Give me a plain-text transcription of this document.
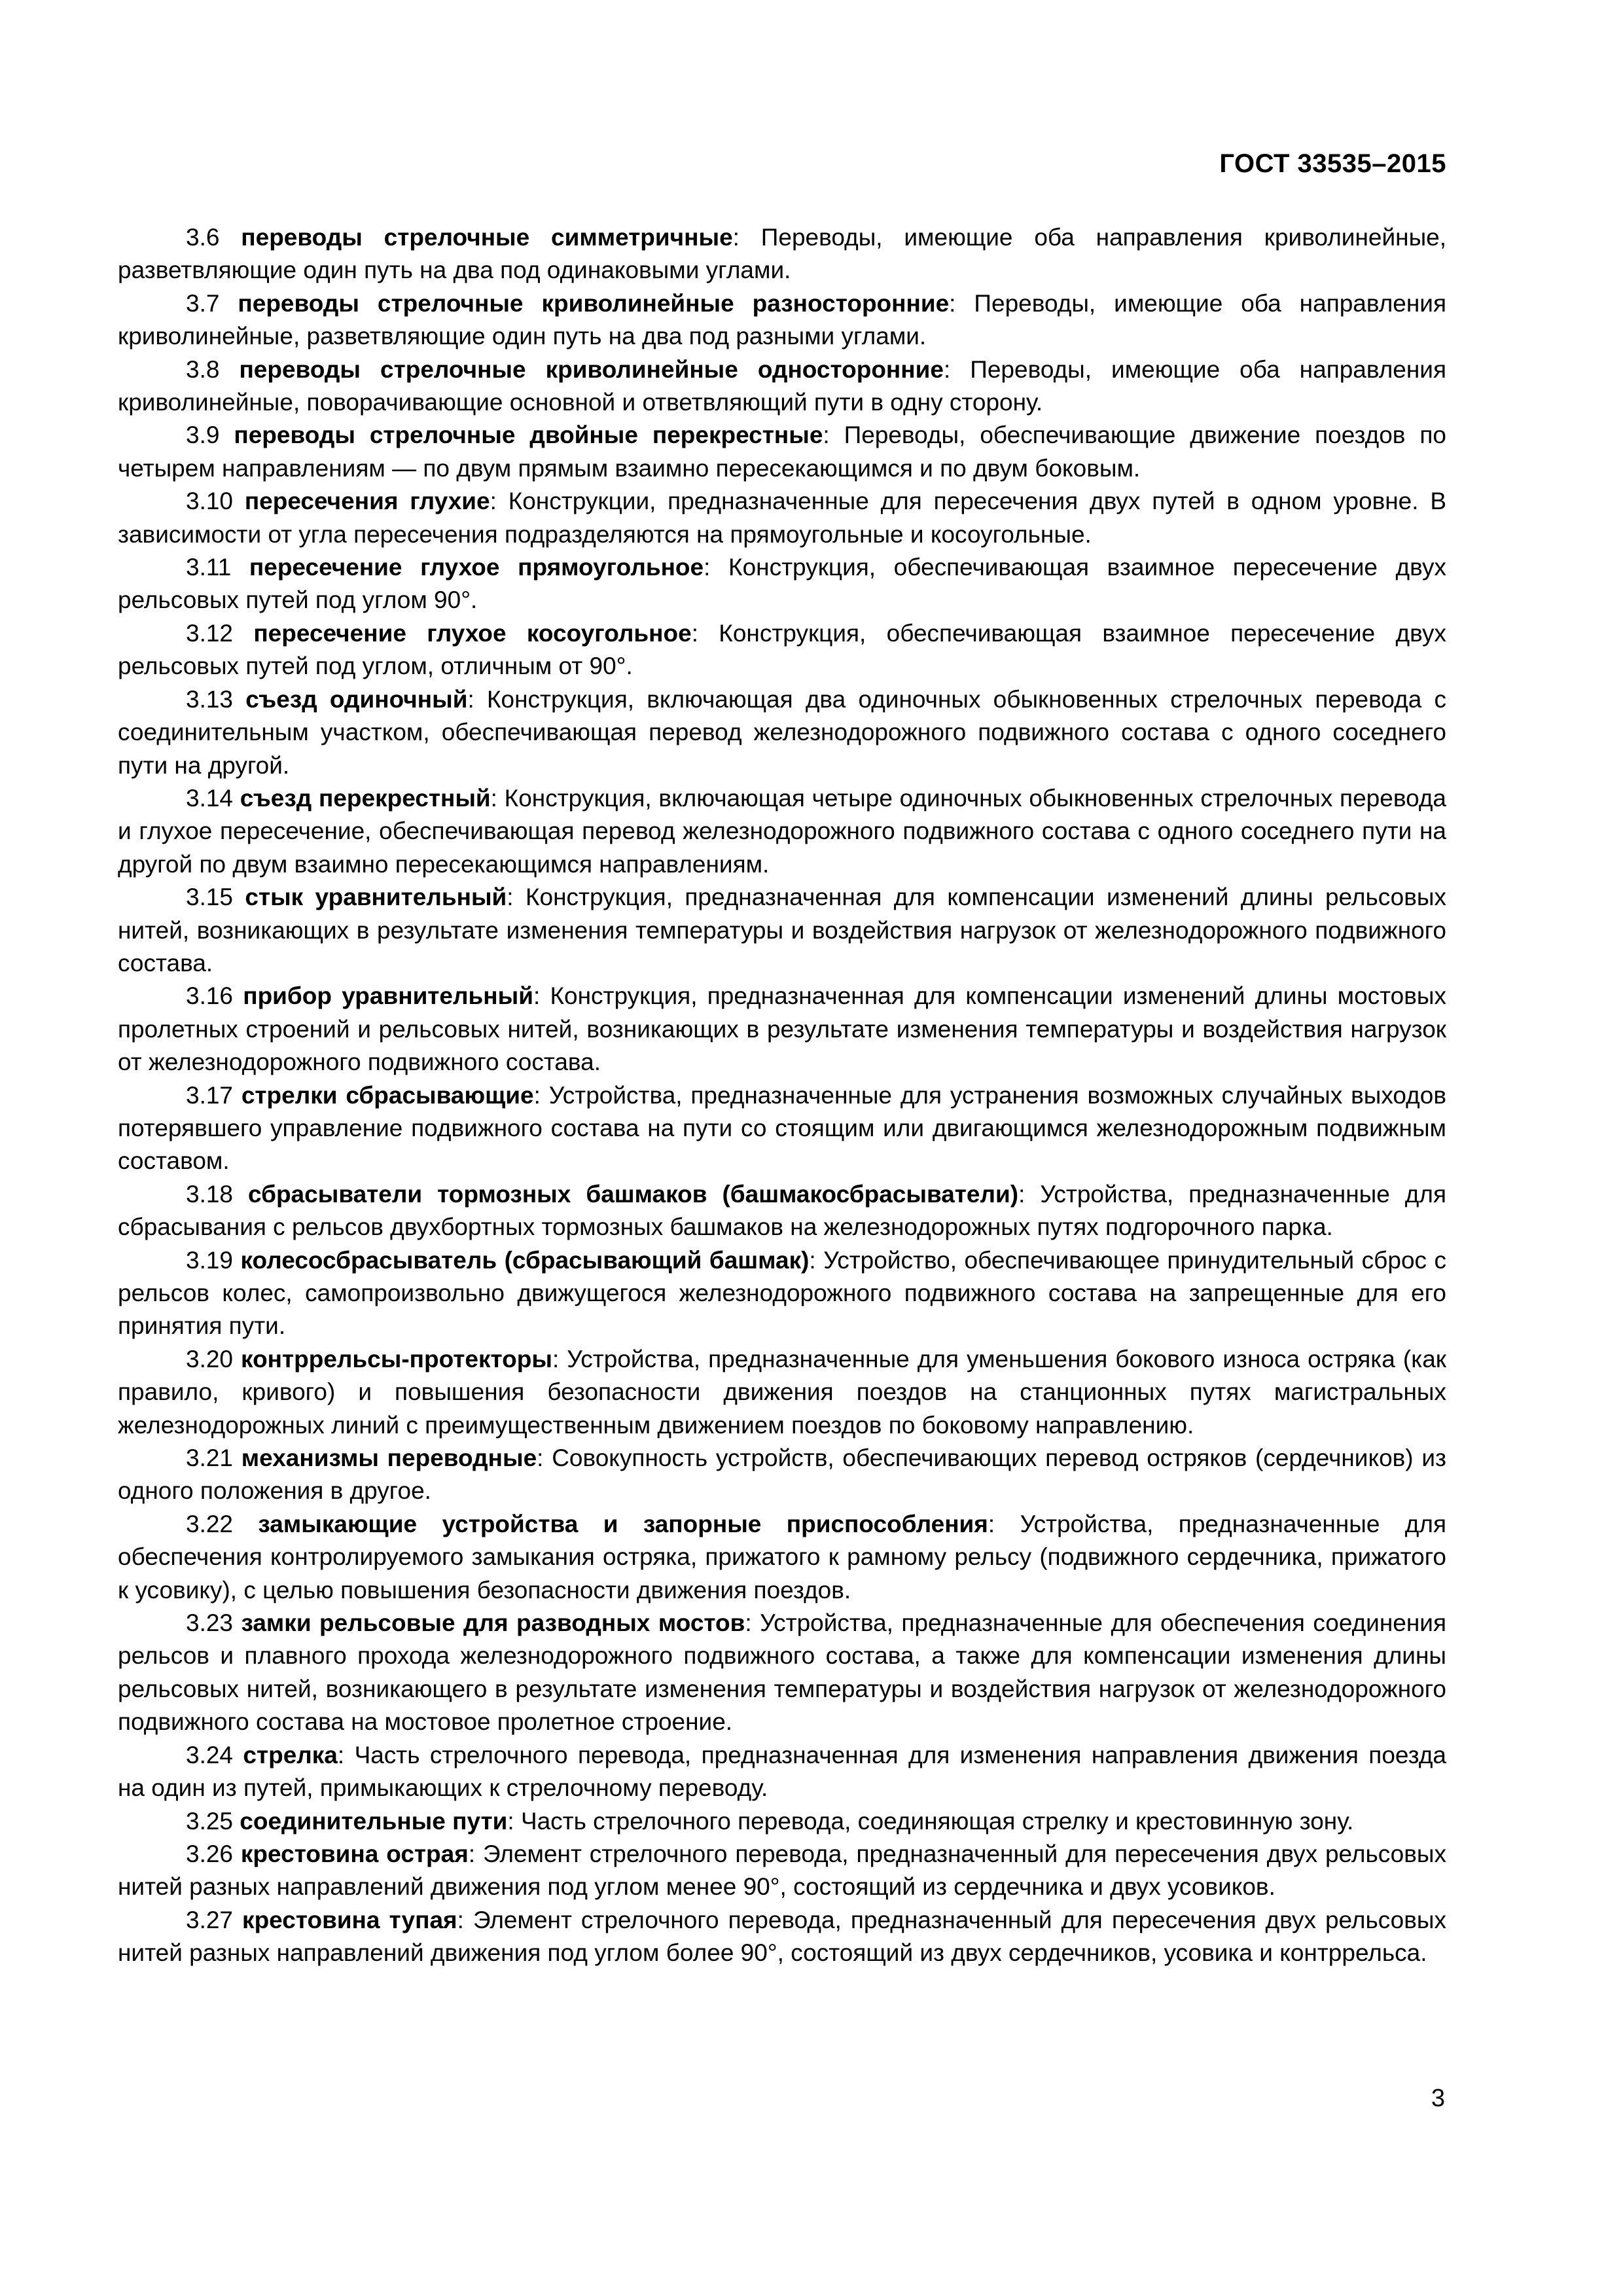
ГОСТ 33535–2015

3.6 переводы стрелочные симметричные: Переводы, имеющие оба направления криволинейные, разветвляющие один путь на два под одинаковыми углами.

3.7 переводы стрелочные криволинейные разносторонние: Переводы, имеющие оба направления криволинейные, разветвляющие один путь на два под разными углами.

3.8 переводы стрелочные криволинейные односторонние: Переводы, имеющие оба направления криволинейные, поворачивающие основной и ответвляющий пути в одну сторону.

3.9 переводы стрелочные двойные перекрестные: Переводы, обеспечивающие движение поездов по четырем направлениям — по двум прямым взаимно пересекающимся и по двум боковым.

3.10 пересечения глухие: Конструкции, предназначенные для пересечения двух путей в одном уровне. В зависимости от угла пересечения подразделяются на прямоугольные и косоугольные.

3.11 пересечение глухое прямоугольное: Конструкция, обеспечивающая взаимное пересечение двух рельсовых путей под углом 90°.

3.12 пересечение глухое косоугольное: Конструкция, обеспечивающая взаимное пересечение двух рельсовых путей под углом, отличным от 90°.

3.13 съезд одиночный: Конструкция, включающая два одиночных обыкновенных стрелочных перевода с соединительным участком, обеспечивающая перевод железнодорожного подвижного состава с одного соседнего пути на другой.

3.14 съезд перекрестный: Конструкция, включающая четыре одиночных обыкновенных стрелочных перевода и глухое пересечение, обеспечивающая перевод железнодорожного подвижного состава с одного соседнего пути на другой по двум взаимно пересекающимся направлениям.

3.15 стык уравнительный: Конструкция, предназначенная для компенсации изменений длины рельсовых нитей, возникающих в результате изменения температуры и воздействия нагрузок от железнодорожного подвижного состава.

3.16 прибор уравнительный: Конструкция, предназначенная для компенсации изменений длины мостовых пролетных строений и рельсовых нитей, возникающих в результате изменения температуры и воздействия нагрузок от железнодорожного подвижного состава.

3.17 стрелки сбрасывающие: Устройства, предназначенные для устранения возможных случайных выходов потерявшего управление подвижного состава на пути со стоящим или двигающимся железнодорожным подвижным составом.

3.18 сбрасыватели тормозных башмаков (башмакосбрасыватели): Устройства, предназначенные для сбрасывания с рельсов двухбортных тормозных башмаков на железнодорожных путях подгорочного парка.

3.19 колесосбрасыватель (сбрасывающий башмак): Устройство, обеспечивающее принудительный сброс с рельсов колес, самопроизвольно движущегося железнодорожного подвижного состава на запрещенные для его принятия пути.

3.20 контррельсы-протекторы: Устройства, предназначенные для уменьшения бокового износа остряка (как правило, кривого) и повышения безопасности движения поездов на станционных путях магистральных железнодорожных линий с преимущественным движением поездов по боковому направлению.

3.21 механизмы переводные: Совокупность устройств, обеспечивающих перевод остряков (сердечников) из одного положения в другое.

3.22 замыкающие устройства и запорные приспособления: Устройства, предназначенные для обеспечения контролируемого замыкания остряка, прижатого к рамному рельсу (подвижного сердечника, прижатого к усовику), с целью повышения безопасности движения поездов.

3.23 замки рельсовые для разводных мостов: Устройства, предназначенные для обеспечения соединения рельсов и плавного прохода железнодорожного подвижного состава, а также для компенсации изменения длины рельсовых нитей, возникающего в результате изменения температуры и воздействия нагрузок от железнодорожного подвижного состава на мостовое пролетное строение.

3.24 стрелка: Часть стрелочного перевода, предназначенная для изменения направления движения поезда на один из путей, примыкающих к стрелочному переводу.

3.25 соединительные пути: Часть стрелочного перевода, соединяющая стрелку и крестовинную зону.

3.26 крестовина острая: Элемент стрелочного перевода, предназначенный для пересечения двух рельсовых нитей разных направлений движения под углом менее 90°, состоящий из сердечника и двух усовиков.

3.27 крестовина тупая: Элемент стрелочного перевода, предназначенный для пересечения двух рельсовых нитей разных направлений движения под углом более 90°, состоящий из двух сердечников, усовика и контррельса.

3
